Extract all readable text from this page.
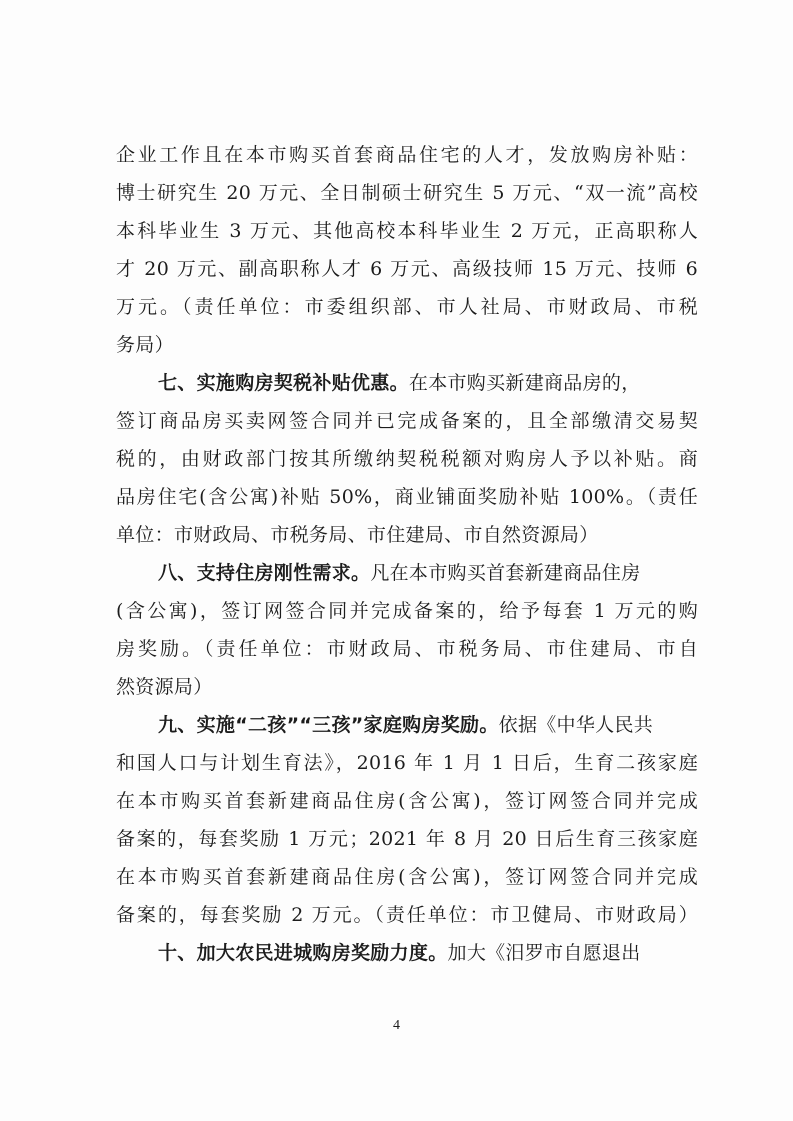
企业工作且在本市购买首套商品住宅的人才，发放购房补贴：
博士研究生 20 万元、全日制硕士研究生 5 万元、“双一流”高校
本科毕业生 3 万元、其他高校本科毕业生 2 万元，正高职称人
才 20 万元、副高职称人才 6 万元、高级技师 15 万元、技师 6
万元。（责任单位：市委组织部、市人社局、市财政局、市税
务局）
七、实施购房契税补贴优惠。在本市购买新建商品房的，
签订商品房买卖网签合同并已完成备案的，且全部缴清交易契
税的，由财政部门按其所缴纳契税税额对购房人予以补贴。商
品房住宅(含公寓)补贴 50%，商业铺面奖励补贴 100%。（责任
单位：市财政局、市税务局、市住建局、市自然资源局）
八、支持住房刚性需求。凡在本市购买首套新建商品住房
(含公寓)，签订网签合同并完成备案的，给予每套 1 万元的购
房奖励。（责任单位：市财政局、市税务局、市住建局、市自
然资源局）
九、实施“二孩”“三孩”家庭购房奖励。依据《中华人民共
和国人口与计划生育法》，2016 年 1 月 1 日后，生育二孩家庭
在本市购买首套新建商品住房(含公寓)，签订网签合同并完成
备案的，每套奖励 1 万元；2021 年 8 月 20 日后生育三孩家庭
在本市购买首套新建商品住房(含公寓)，签订网签合同并完成
备案的，每套奖励 2 万元。（责任单位：市卫健局、市财政局）
十、加大农民进城购房奖励力度。加大《汨罗市自愿退出
4
